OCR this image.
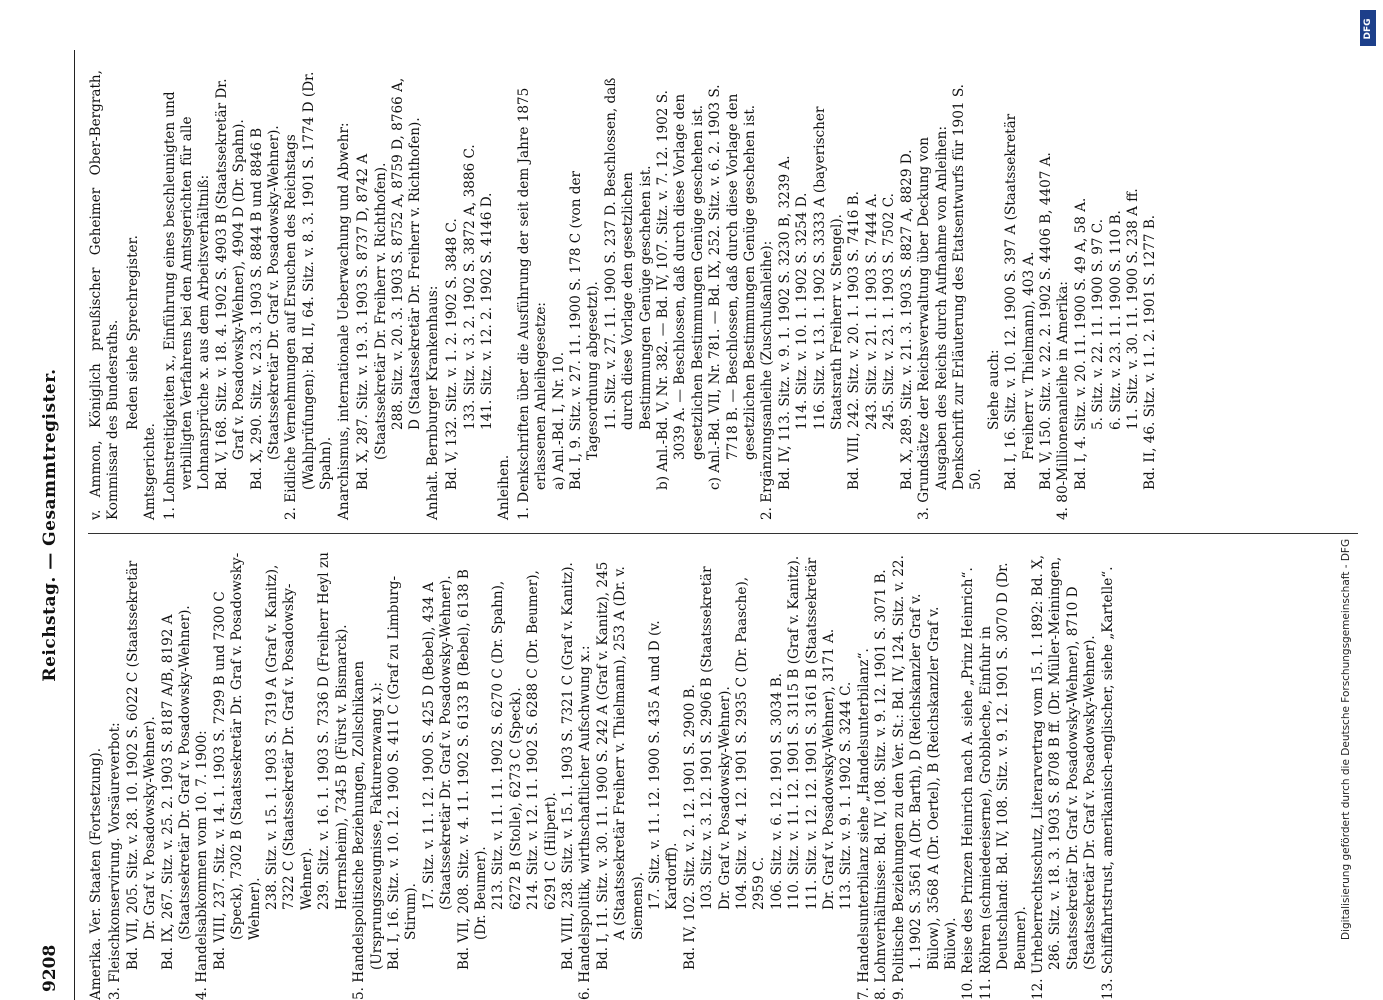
9208
Reichstag. — Gesammtregister.
Amerika. Ver. Staaten (Fortsetzung). 3. Fleischkonservirung. Vorsäureverbot: Bd. VII, 205. Sitz. v. 28. 10. 1902 S. 6022 C (Staatssekretär Dr. Graf v. Posadowsky-Wehner). Bd. IX, 267. Sitz. v. 25. 2. 1903 S. 8187 A/B, 8192 A (Staatssekretär Dr. Graf v. Posadowsky-Wehner). 4. Handelsabkommen vom 10. 7. 1900: Bd. VIII, 237. Sitz. v. 14. 1. 1903 S. 7299 B und 7300 C (Speck), 7302 B (Staatssekretär Dr. Graf v. Posadowsky-Wehner). 238. Sitz. v. 15. 1. 1903 S. 7319 A (Graf v. Kanitz), 7322 C (Staatssekretär Dr. Graf v. Posadowsky-Wehner). 239. Sitz. v. 16. 1. 1903 S. 7336 D (Freiherr Heyl zu Herrnsheim), 7345 B (Fürst v. Bismarck). 5. Handelspolitische Beziehungen, Zollschikanen (Ursprungszeugnisse, Fakturenzwang x.): Bd. I, 16. Sitz. v. 10. 12. 1900 S. 411 C (Graf zu Limburg-Stirum).
17. Sitz. v. 11. 12. 1900 S. 425 D (Bebel), 434 A (Staatssekretär Dr. Graf v. Posadowsky-Wehner). Bd. VII, 208. Sitz. v. 4. 11. 1902 S. 6133 B (Bebel), 6138 B (Dr. Beumer). 213. Sitz. v. 11. 11. 1902 S. 6270 C (Dr. Spahn), 6272 B (Stolle), 6273 C (Speck). 214. Sitz. v. 12. 11. 1902 S. 6288 C (Dr. Beumer), 6291 C (Hilpert). Bd. VIII, 238. Sitz. v. 15. 1. 1903 S. 7321 C (Graf v. Kanitz). 6. Handelspolitik, wirthschaftlicher Aufschwung x.: Bd. I, 11. Sitz. v. 30. 11. 1900 S. 242 A (Graf v. Kanitz), 245 A (Staatssekretär Freiherr v. Thielmann), 253 A (Dr. v. Siemens). 17. Sitz. v. 11. 12. 1900 S. 435 A und D (v. Kardorff). Bd. IV, 102. Sitz. v. 2. 12. 1901 S. 2900 B. 103. Sitz. v. 3. 12. 1901 S. 2906 B (Staatssekretär Dr. Graf v. Posadowsky-Wehner). 104. Sitz. v. 4. 12. 1901 S. 2935 C (Dr. Paasche), 2959 C. 106. Sitz. v. 6. 12. 1901 S. 3034 B. 110. Sitz. v. 11. 12. 1901 S. 3115 B (Graf v. Kanitz). 111. Sitz. v. 12. 12. 1901 S. 3161 B (Staatssekretär Dr. Graf v. Posadowsky-Wehner), 3171 A. 113. Sitz. v. 9. 1. 1902 S. 3244 C. 7. Handelsunterbilanz siehe „Handelsunterbilanz“. 8. Lohnverhältnisse: Bd. IV, 108. Sitz. v. 9. 12. 1901 S. 3071 B. 9. Politische Beziehungen zu den Ver. St.: Bd. IV, 124. Sitz. v. 22. 1. 1902 S. 3561 A (Dr. Barth), D (Reichskanzler Graf v. Bülow), 3568 A (Dr. Oertel), B (Reichskanzler Graf v. Bülow). 10. Reise des Prinzen Heinrich nach A. siehe „Prinz Heinrich“. 11. Röhren (schmiedeeiserne), Grobbleche, Einfuhr in Deutschland: Bd. IV, 108. Sitz. v. 9. 12. 1901 S. 3070 D (Dr. Beumer). 12. Urheberrechtsschutz, Literarvertrag vom 15. 1. 1892: Bd. X, 286. Sitz. v. 18. 3. 1903 S. 8708 B ff. (Dr. Müller-Meiningen, Staatssekretär Dr. Graf v. Posadowsky-Wehner), 8710 D (Staatssekretär Dr. Graf v. Posadowsky-Wehner). 13. Schiffahrtstrust, amerikanisch-englischer, siehe „Kartelle“.
v. Ammon, Königlich preußischer Geheimer Ober-Bergrath, Kommissar des Bundesraths. Reden siehe Sprechregister.
Amtsgerichte. 1. Lohnstreitigkeiten x., Einführung eines beschleunigten und verbilligten Verfahrens bei den Amtsgerichten für alle Lohnansprüche x. aus dem Arbeitsverhältniß: Bd. V, 168. Sitz. v. 18. 4. 1902 S. 4903 B (Staatssekretär Dr. Graf v. Posadowsky-Wehner), 4904 D (Dr. Spahn). Bd. X, 290. Sitz. v. 23. 3. 1903 S. 8844 B und 8846 B (Staatssekretär Dr. Graf v. Posadowsky-Wehner). 2. Eidliche Vernehmungen auf Ersuchen des Reichstags (Wahlprüfungen): Bd. II, 64. Sitz. v. 8. 3. 1901 S. 1774 D (Dr. Spahn). Anarchismus, internationale Ueberwachung und Abwehr: Bd. X, 287. Sitz. v. 19. 3. 1903 S. 8737 D, 8742 A (Staatssekretär Dr. Freiherr v. Richthofen). 288. Sitz. v. 20. 3. 1903 S. 8752 A, 8759 D, 8766 A, D (Staatssekretär Dr. Freiherr v. Richthofen). Anhalt. Bernburger Krankenhaus: Bd. V, 132. Sitz. v. 1. 2. 1902 S. 3848 C. 133. Sitz. v. 3. 2. 1902 S. 3872 A, 3886 C. 141. Sitz. v. 12. 2. 1902 S. 4146 D.
Anleihen. 1. Denkschriften über die Ausführung der seit dem Jahre 1875 erlassenen Anleihegesetze: a) Anl.-Bd. I, Nr. 10. Bd. I, 9. Sitz. v. 27. 11. 1900 S. 178 C (von der Tagesordnung abgesetzt). 11. Sitz. v. 27. 11. 1900 S. 237 D. Beschlossen, daß durch diese Vorlage den gesetzlichen Bestimmungen Genüge geschehen ist. b) Anl.-Bd. V, Nr. 382. — Bd. IV, 107. Sitz. v. 7. 12. 1902 S. 3039 A. — Beschlossen, daß durch diese Vorlage den gesetzlichen Bestimmungen Genüge geschehen ist. c) Anl.-Bd. VII, Nr. 781. — Bd. IX, 252. Sitz. v. 6. 2. 1903 S. 7718 B. — Beschlossen, daß durch diese Vorlage den gesetzlichen Bestimmungen Genüge geschehen ist. 2. Ergänzungsanleihe (Zuschußanleihe): Bd. IV, 113. Sitz. v. 9. 1. 1902 S. 3230 B, 3239 A. 114. Sitz. v. 10. 1. 1902 S. 3254 D. 116. Sitz. v. 13. 1. 1902 S. 3333 A (bayerischer Staatsrath Freiherr v. Stengel). Bd. VIII, 242. Sitz. v. 20. 1. 1903 S. 7416 B. 243. Sitz. v. 21. 1. 1903 S. 7444 A. 245. Sitz. v. 23. 1. 1903 S. 7502 C. Bd. X, 289. Sitz. v. 21. 3. 1903 S. 8827 A, 8829 D. 3. Grundsätze der Reichsverwaltung über Deckung von Ausgaben des Reichs durch Aufnahme von Anleihen: Denkschrift zur Erläuterung des Etatsentwurfs für 1901 S. 50.
Siehe auch: Bd. I, 16. Sitz. v. 10. 12. 1900 S. 397 A (Staatssekretär Freiherr v. Thielmann), 403 A. Bd. V, 150. Sitz. v. 22. 2. 1902 S. 4406 B, 4407 A. 4. 80-Millionenanleihe in Amerika: Bd. I, 4. Sitz. v. 20. 11. 1900 S. 49 A, 58 A. 5. Sitz. v. 22. 11. 1900 S. 97 C. 6. Sitz. v. 23. 11. 1900 S. 110 B. 11. Sitz. v. 30. 11. 1900 S. 238 A ff. Bd. II, 46. Sitz. v. 11. 2. 1901 S. 1277 B.
Digitalisierung gefördert durch die Deutsche Forschungsgemeinschaft - DFG
DFG
